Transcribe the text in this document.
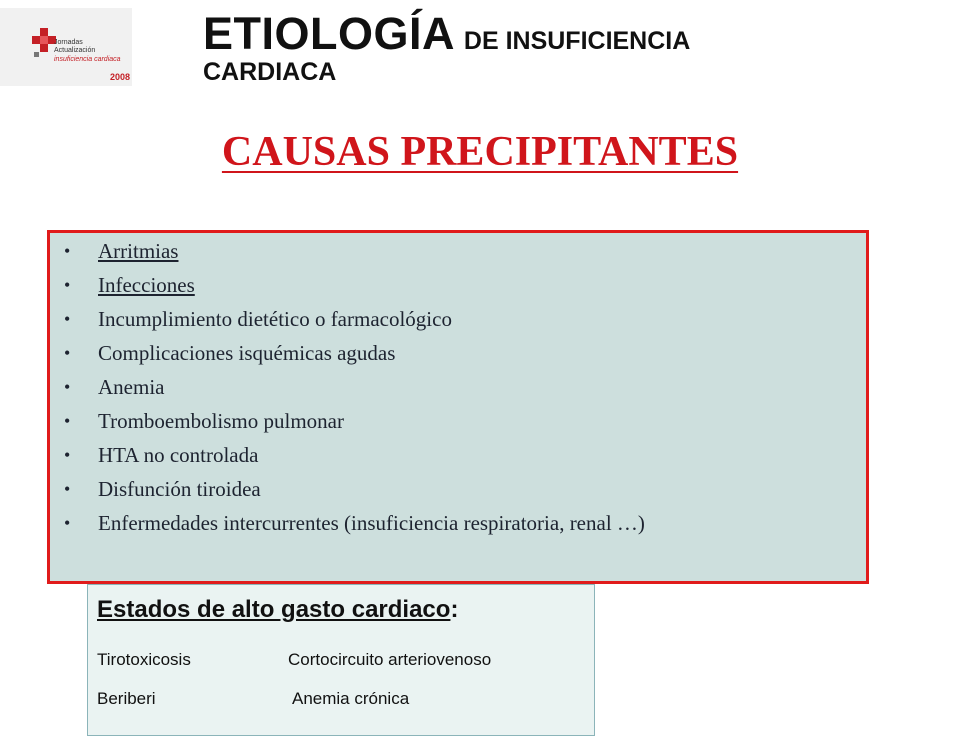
Jornadas
Actualización
insuficiencia cardiaca
2008
ETIOLOGÍA DE INSUFICIENCIA
CARDIACA
CAUSAS PRECIPITANTES
• Arritmias
• Infecciones
• Incumplimiento dietético o farmacológico
• Complicaciones isquémicas agudas
• Anemia
• Tromboembolismo pulmonar
• HTA no controlada
• Disfunción tiroidea
• Enfermedades intercurrentes (insuficiencia respiratoria, renal …)
Estados de alto gasto cardiaco:
Tirotoxicosis	Cortocircuito arteriovenoso
Beriberi	Anemia crónica
